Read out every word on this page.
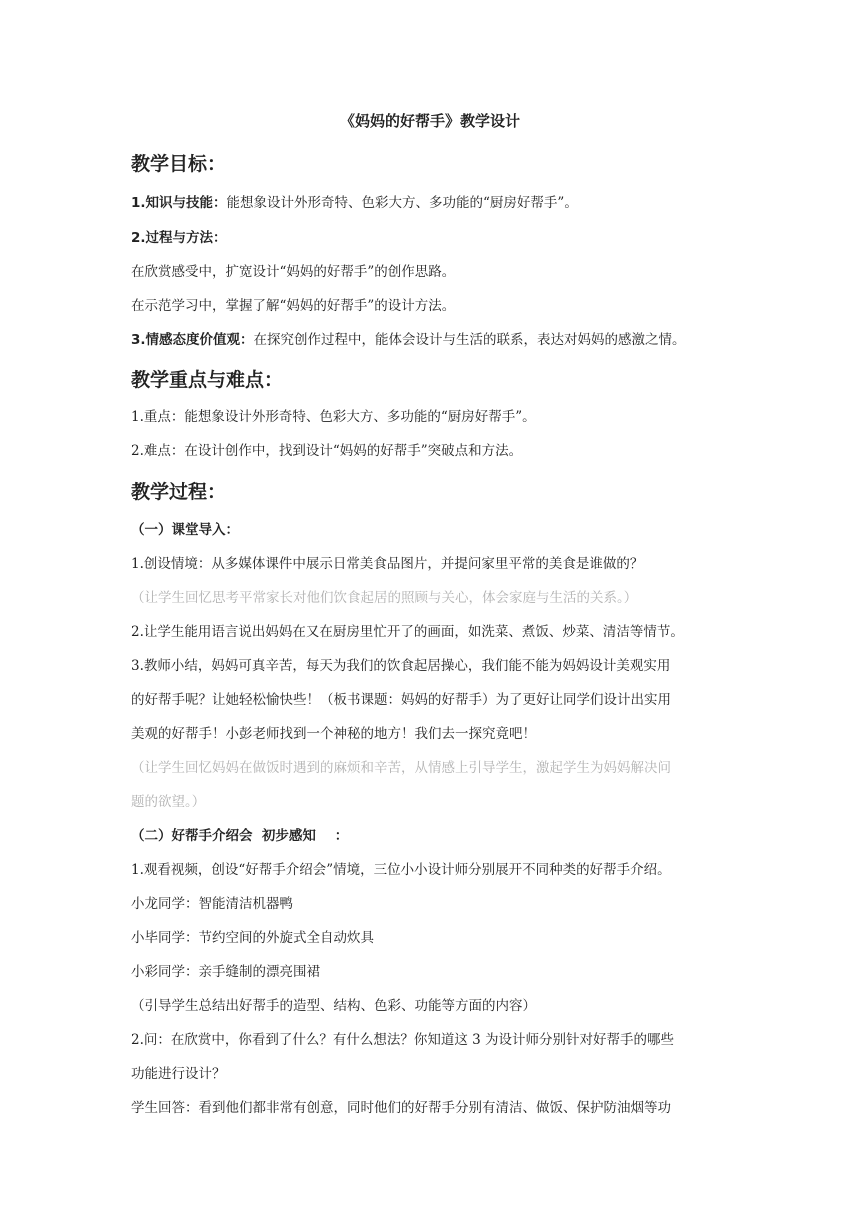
《妈妈的好帮手》教学设计
教学目标：
1.知识与技能：能想象设计外形奇特、色彩大方、多功能的“厨房好帮手”。
2.过程与方法：
在欣赏感受中，扩宽设计“妈妈的好帮手”的创作思路。
在示范学习中，掌握了解“妈妈的好帮手”的设计方法。
3.情感态度价值观：在探究创作过程中，能体会设计与生活的联系，表达对妈妈的感激之情。
教学重点与难点：
1.重点：能想象设计外形奇特、色彩大方、多功能的“厨房好帮手”。
2.难点：在设计创作中，找到设计“妈妈的好帮手”突破点和方法。
教学过程：
（一）课堂导入：
1.创设情境：从多媒体课件中展示日常美食品图片，并提问家里平常的美食是谁做的？
（让学生回忆思考平常家长对他们饮食起居的照顾与关心，体会家庭与生活的关系。）
2.让学生能用语言说出妈妈在又在厨房里忙开了的画面，如洗菜、煮饭、炒菜、清洁等情节。
3.教师小结，妈妈可真辛苦，每天为我们的饮食起居操心，我们能不能为妈妈设计美观实用
的好帮手呢？让她轻松愉快些！（板书课题：妈妈的好帮手）为了更好让同学们设计出实用
美观的好帮手！小彭老师找到一个神秘的地方！我们去一探究竟吧！
（让学生回忆妈妈在做饭时遇到的麻烦和辛苦，从情感上引导学生，激起学生为妈妈解决问
题的欲望。）
（二）好帮手介绍会  初步感知    ：
1.观看视频，创设“好帮手介绍会”情境，三位小小设计师分别展开不同种类的好帮手介绍。
小龙同学：智能清洁机器鸭
小毕同学：节约空间的外旋式全自动炊具
小彩同学：亲手缝制的漂亮围裙
（引导学生总结出好帮手的造型、结构、色彩、功能等方面的内容）
2.问：在欣赏中，你看到了什么？有什么想法？你知道这 3 为设计师分别针对好帮手的哪些
功能进行设计？
学生回答：看到他们都非常有创意，同时他们的好帮手分别有清洁、做饭、保护防油烟等功
